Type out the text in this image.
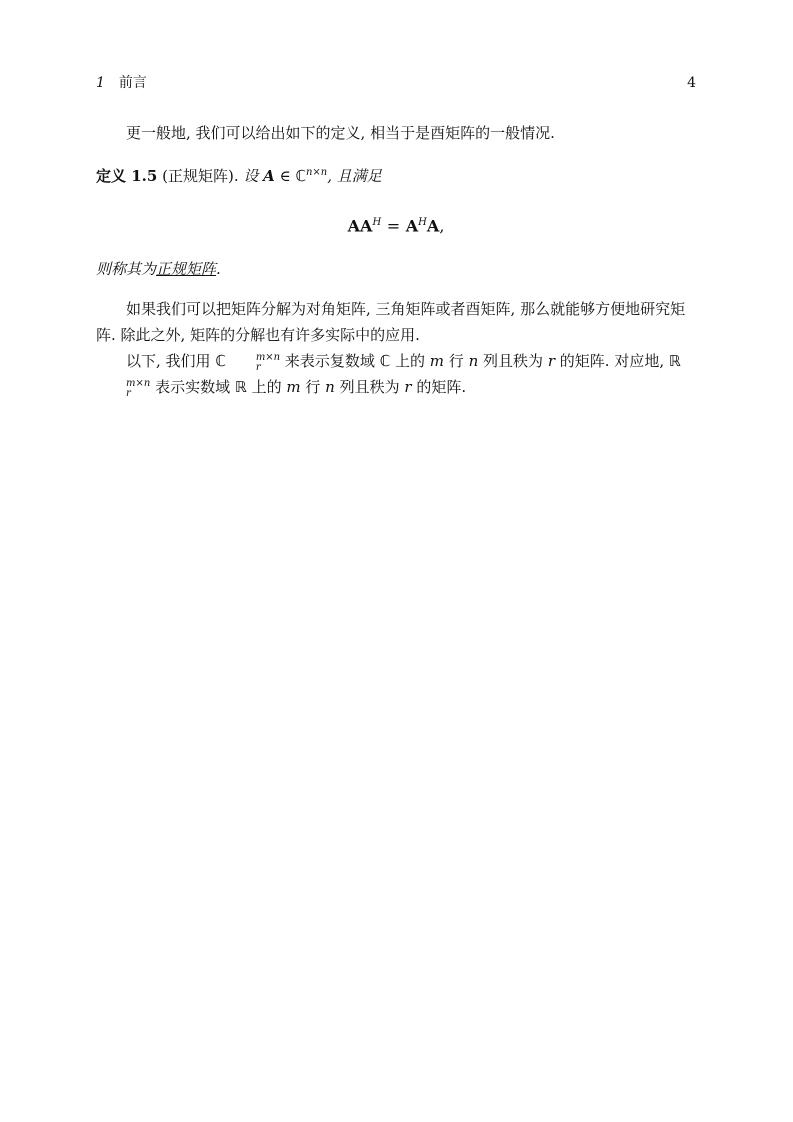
1 前言	4

更一般地, 我们可以给出如下的定义, 相当于是酉矩阵的一般情况.

定义 1.5 (正规矩阵). 设 A ∈ ℂ$^{n\times n}$, 且满足

$AA^H = A^HA$,

则称其为正规矩阵.

如果我们可以把矩阵分解为对角矩阵, 三角矩阵或者酉矩阵, 那么就能够方便地研究矩阵. 除此之外, 矩阵的分解也有许多实际中的应用.

以下, 我们用 ℂ	m×n
r	来表示复数域 ℂ 上的 m 行 n 列且秩为 r 的矩阵. 对应地, ℝ
m×n
r	表示实数域 ℝ 上的 m 行 n 列且秩为 r 的矩阵.
